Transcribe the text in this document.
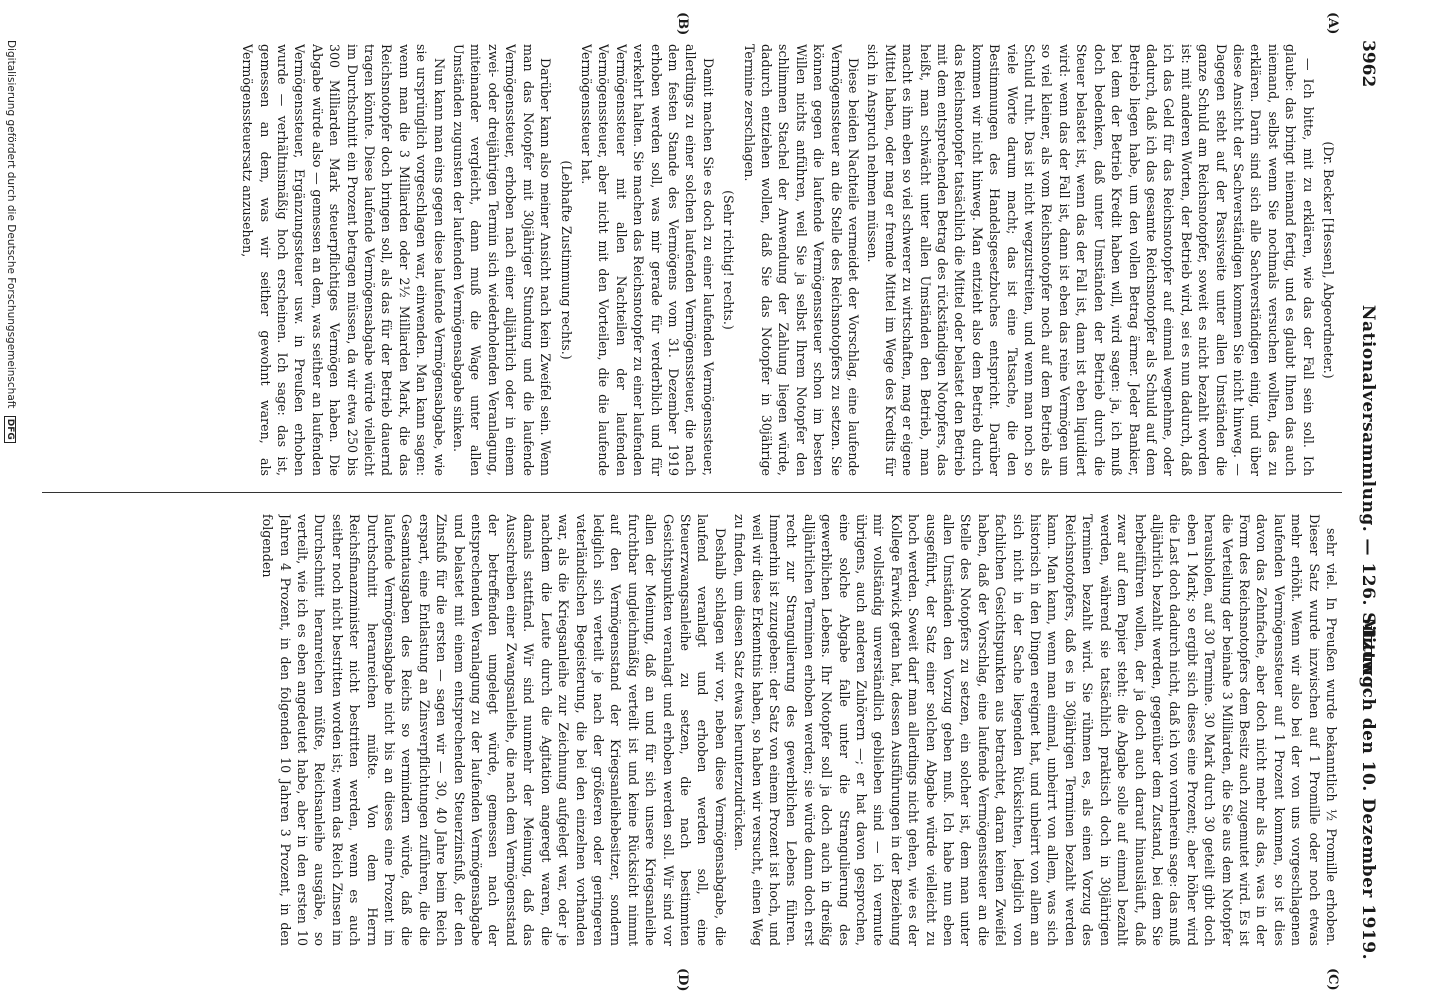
3962
Nationalversammlung. — 126. Sitzung.
Mittwoch den 10. Dezember 1919.
(A)
(B)
(C)
(D)

(Dr. Becker [Hessen], Abgeordneter.)

— Ich bitte, mit zu erklären, wie das der Fall sein soll. Ich glaube: das bringt niemand fertig, und es glaubt Ihnen das auch niemand, selbst wenn Sie nochmals versuchen wollten, das zu erklären. Darin sind sich alle Sachverständigen einig, und über diese Ansicht der Sachverständigen kommen Sie nicht hinweg. — Dagegen steht auf der Passivseite unter allen Umständen die ganze Schuld am Reichsnotopfer, soweit es nicht bezahlt worden ist: mit anderen Worten, der Betrieb wird, sei es nun dadurch, daß ich das Geld für das Reichsnotopfer auf einmal wegnehme, oder dadurch, daß ich das gesamte Reichsnotopfer als Schuld auf dem Betrieb liegen habe, um den vollen Betrag ärmer. Jeder Bankier, bei dem der Betrieb Kredit haben will, wird sagen: ja, ich muß doch bedenken, daß unter Umständen der Betrieb durch die Steuer belastet ist, wenn das der Fall ist, dann ist eben liquidiert wird: wenn das der Fall ist, dann ist eben das reine Vermögen um so viel kleiner, als vom Reichsnotopfer noch auf dem Betrieb als Schuld ruht. Das ist nicht wegzustreiten, und wenn man noch so viele Worte darum macht; das ist eine Tatsache, die den Bestimmungen des Handelsgesetzbuches entspricht. Darüber kommen wir nicht hinweg. Man entzieht also dem Betrieb durch das Reichsnotopfer tatsächlich die Mittel oder belastet den Betrieb mit dem entsprechenden Betrag des rückständigen Notopfers, das heißt, man schwächt unter allen Umständen den Betrieb, man macht es ihm eben so viel schwerer zu wirtschaften, mag er eigene Mittel haben, oder mag er fremde Mittel im Wege des Kredits für sich in Anspruch nehmen müssen.

Diese beiden Nachteile vermeidet der Vorschlag, eine laufende Vermögenssteuer an die Stelle des Reichsnotopfers zu setzen. Sie können gegen die laufende Vermögenssteuer schon im besten Willen nichts anführen, weil Sie ja selbst Ihrem Notopfer den schlimmen Stachel der Anwendung der Zahlung liegen würde, dadurch entziehen wollen, daß Sie das Notopfer in 30jährige Termine zerschlagen.

(Sehr richtig! rechts.)

Damit machen Sie es doch zu einer laufenden Vermögenssteuer, allerdings zu einer solchen laufenden Vermögenssteuer, die nach dem festen Stande des Vermögens vom 31. Dezember 1919 erhoben werden soll, was mir gerade für verderblich und für verkehrt halten. Sie machen das Reichsnotopfer zu einer laufenden Vermögenssteuer mit allen Nachteilen der laufenden Vermögenssteuer, aber nicht mit den Vorteilen, die die laufende Vermögenssteuer hat.

(Lebhafte Zustimmung rechts.)

Darüber kann also meiner Ansicht nach kein Zweifel sein. Wenn man das Notopfer mit 30jähriger Stundung und die laufende Vermögenssteuer, erhoben nach einer alljährlich oder in einem zwei- oder dreijährigen Termin sich wiederholenden Veranlagung, miteinander vergleicht, dann muß die Wage unter allen Umständen zugunsten der laufenden Vermögensabgabe sinken.

Nun kann man eins gegen diese laufende Vermögensabgabe, wie sie ursprünglich vorgeschlagen war, einwenden. Man kann sagen: wenn man die 3 Milliarden oder 2½ Milliarden Mark, die das Reichsnotopfer doch bringen soll, als das für der Betrieb dauernd tragen könnte. Diese laufende Vermögensabgabe würde vielleicht im Durchschnitt ein Prozent betragen müssen, da wir etwa 250 bis 300 Milliarden Mark steuerpflichtiges Vermögen haben. Die Abgabe würde also — gemessen an dem, was seither an laufenden Vermögenssteuer, Ergänzungssteuer usw. in Preußen erhoben wurde — verhältnismäßig hoch erscheinen. Ich sage: das ist, gemessen an dem, was wir seither gewohnt waren, als Vermögenssteuersatz anzusehen,

sehr viel. In Preußen wurde bekanntlich ½ Promille erhoben. Dieser Satz wurde inzwischen auf 1 Promille oder noch etwas mehr erhöht. Wenn wir also bei der von uns vorgeschlagenen laufenden Vermögenssteuer auf 1 Prozent kommen, so ist dies davon das Zehnfache, aber doch nicht mehr als das, was in der Form des Reichsnotopfers dem Besitz auch zugemutet wird. Es ist die Verteilung der beinahe 3 Milliarden, die Sie aus dem Notopfer herausholen, auf 30 Termine. 30 Mark durch 30 geteilt gibt doch eben 1 Mark; so ergibt sich dieses eine Prozent; aber höher wird die Last doch dadurch nicht, daß ich von vornherein sage: das muß alljährlich bezahlt werden, gegenüber dem Zustand, bei dem Sie herbeiführen wollen, der ja doch auch darauf hinausläuft, daß zwar auf dem Papier steht: die Abgabe solle auf einmal bezahlt werden, während sie tatsächlich praktisch doch in 30jährigen Terminen bezahlt wird. Sie rühmen es, als einen Vorzug des Reichsnotopfers, daß es in 30jährigen Terminen bezahlt werden kann. Man kann, wenn man einmal, unbeirrt von allem, was sich historisch in den Dingen ereignet hat, und unbeirrt von allem an sich nicht in der Sache liegenden Rücksichten, lediglich von fachlichen Gesichtspunkten aus betrachtet, daran keinen Zweifel haben, daß der Vorschlag, eine laufende Vermögenssteuer an die Stelle des Notopfers zu setzen, ein solcher ist, dem man unter allen Umständen den Vorzug geben muß. Ich habe nun eben ausgeführt, der Satz einer solchen Abgabe würde vielleicht zu hoch werden. Soweit darf man allerdings nicht gehen, wie es der Kollege Farwick getan hat, dessen Ausführungen in der Beziehung mir vollständig unverständlich geblieben sind — ich vermute übrigens, auch anderen Zuhörern —; er hat davon gesprochen, eine solche Abgabe falle unter die Strangulierung des gewerblichen Lebens. Ihr Notopfer soll ja doch auch in dreißig alljährlichen Terminen erhoben werden; sie würde dann doch erst recht zur Strangulierung des gewerblichen Lebens führen. Immerhin ist zuzugeben: der Satz von einem Prozent ist hoch, und weil wir diese Erkenntnis haben, so haben wir versucht, einen Weg zu finden, um diesen Satz etwas herunterzudrücken.

Deshalb schlagen wir vor, neben diese Vermögensabgabe, die laufend veranlagt und erhoben werden soll, eine Steuerzwangsanleihe zu setzen, die nach bestimmten Gesichtspunkten veranlagt und erhoben werden soll. Wir sind vor allen der Meinung, daß an und für sich unsere Kriegsanleihe furchtbar ungleichmäßig verteilt ist und keine Rücksicht nimmt auf den Vermögensstand der Kriegsanleihebesitzer, sondern lediglich sich verteilt je nach der größeren oder geringeren vaterländischen Begeisterung, die bei den einzelnen vorhanden war, als die Kriegsanleihe zur Zeichnung aufgelegt war, oder je nachdem die Leute durch die Agitation angeregt waren, die damals stattfand. Wir sind nunmehr der Meinung, daß das Ausschreiben einer Zwangsanleihe, die nach dem Vermögensstand der betreffenden umgelegt würde, gemessen nach der entsprechenden Veranlagung zu der laufenden Vermögensabgabe und belastet mit einem entsprechenden Steuerzinsfuß, der den Zinsfuß für die ersten — sagen wir — 30, 40 Jahre beim Reich erspart, eine Entlastung an Zinsverpflichtungen zuführen, die die Gesamtausgaben des Reichs so vermindern würde, daß die laufende Vermögensabgabe nicht bis an dieses eine Prozent im Durchschnitt heranreichen müßte. Von dem Herrn Reichsfinanzminister nicht bestritten werden, wenn es auch seither noch nicht bestritten worden ist; wenn das Reich Zinsen im Durchschnitt heranreichen müßte, Reichsanleihe ausgäbe, so verteilt, wie ich es eben angedeutet habe, aber in den ersten 10 Jahren 4 Prozent, in den folgenden 10 Jahren 3 Prozent, in den folgenden

Digitalisierung gefördert durch die Deutsche Forschungsgemeinschaft DFG
